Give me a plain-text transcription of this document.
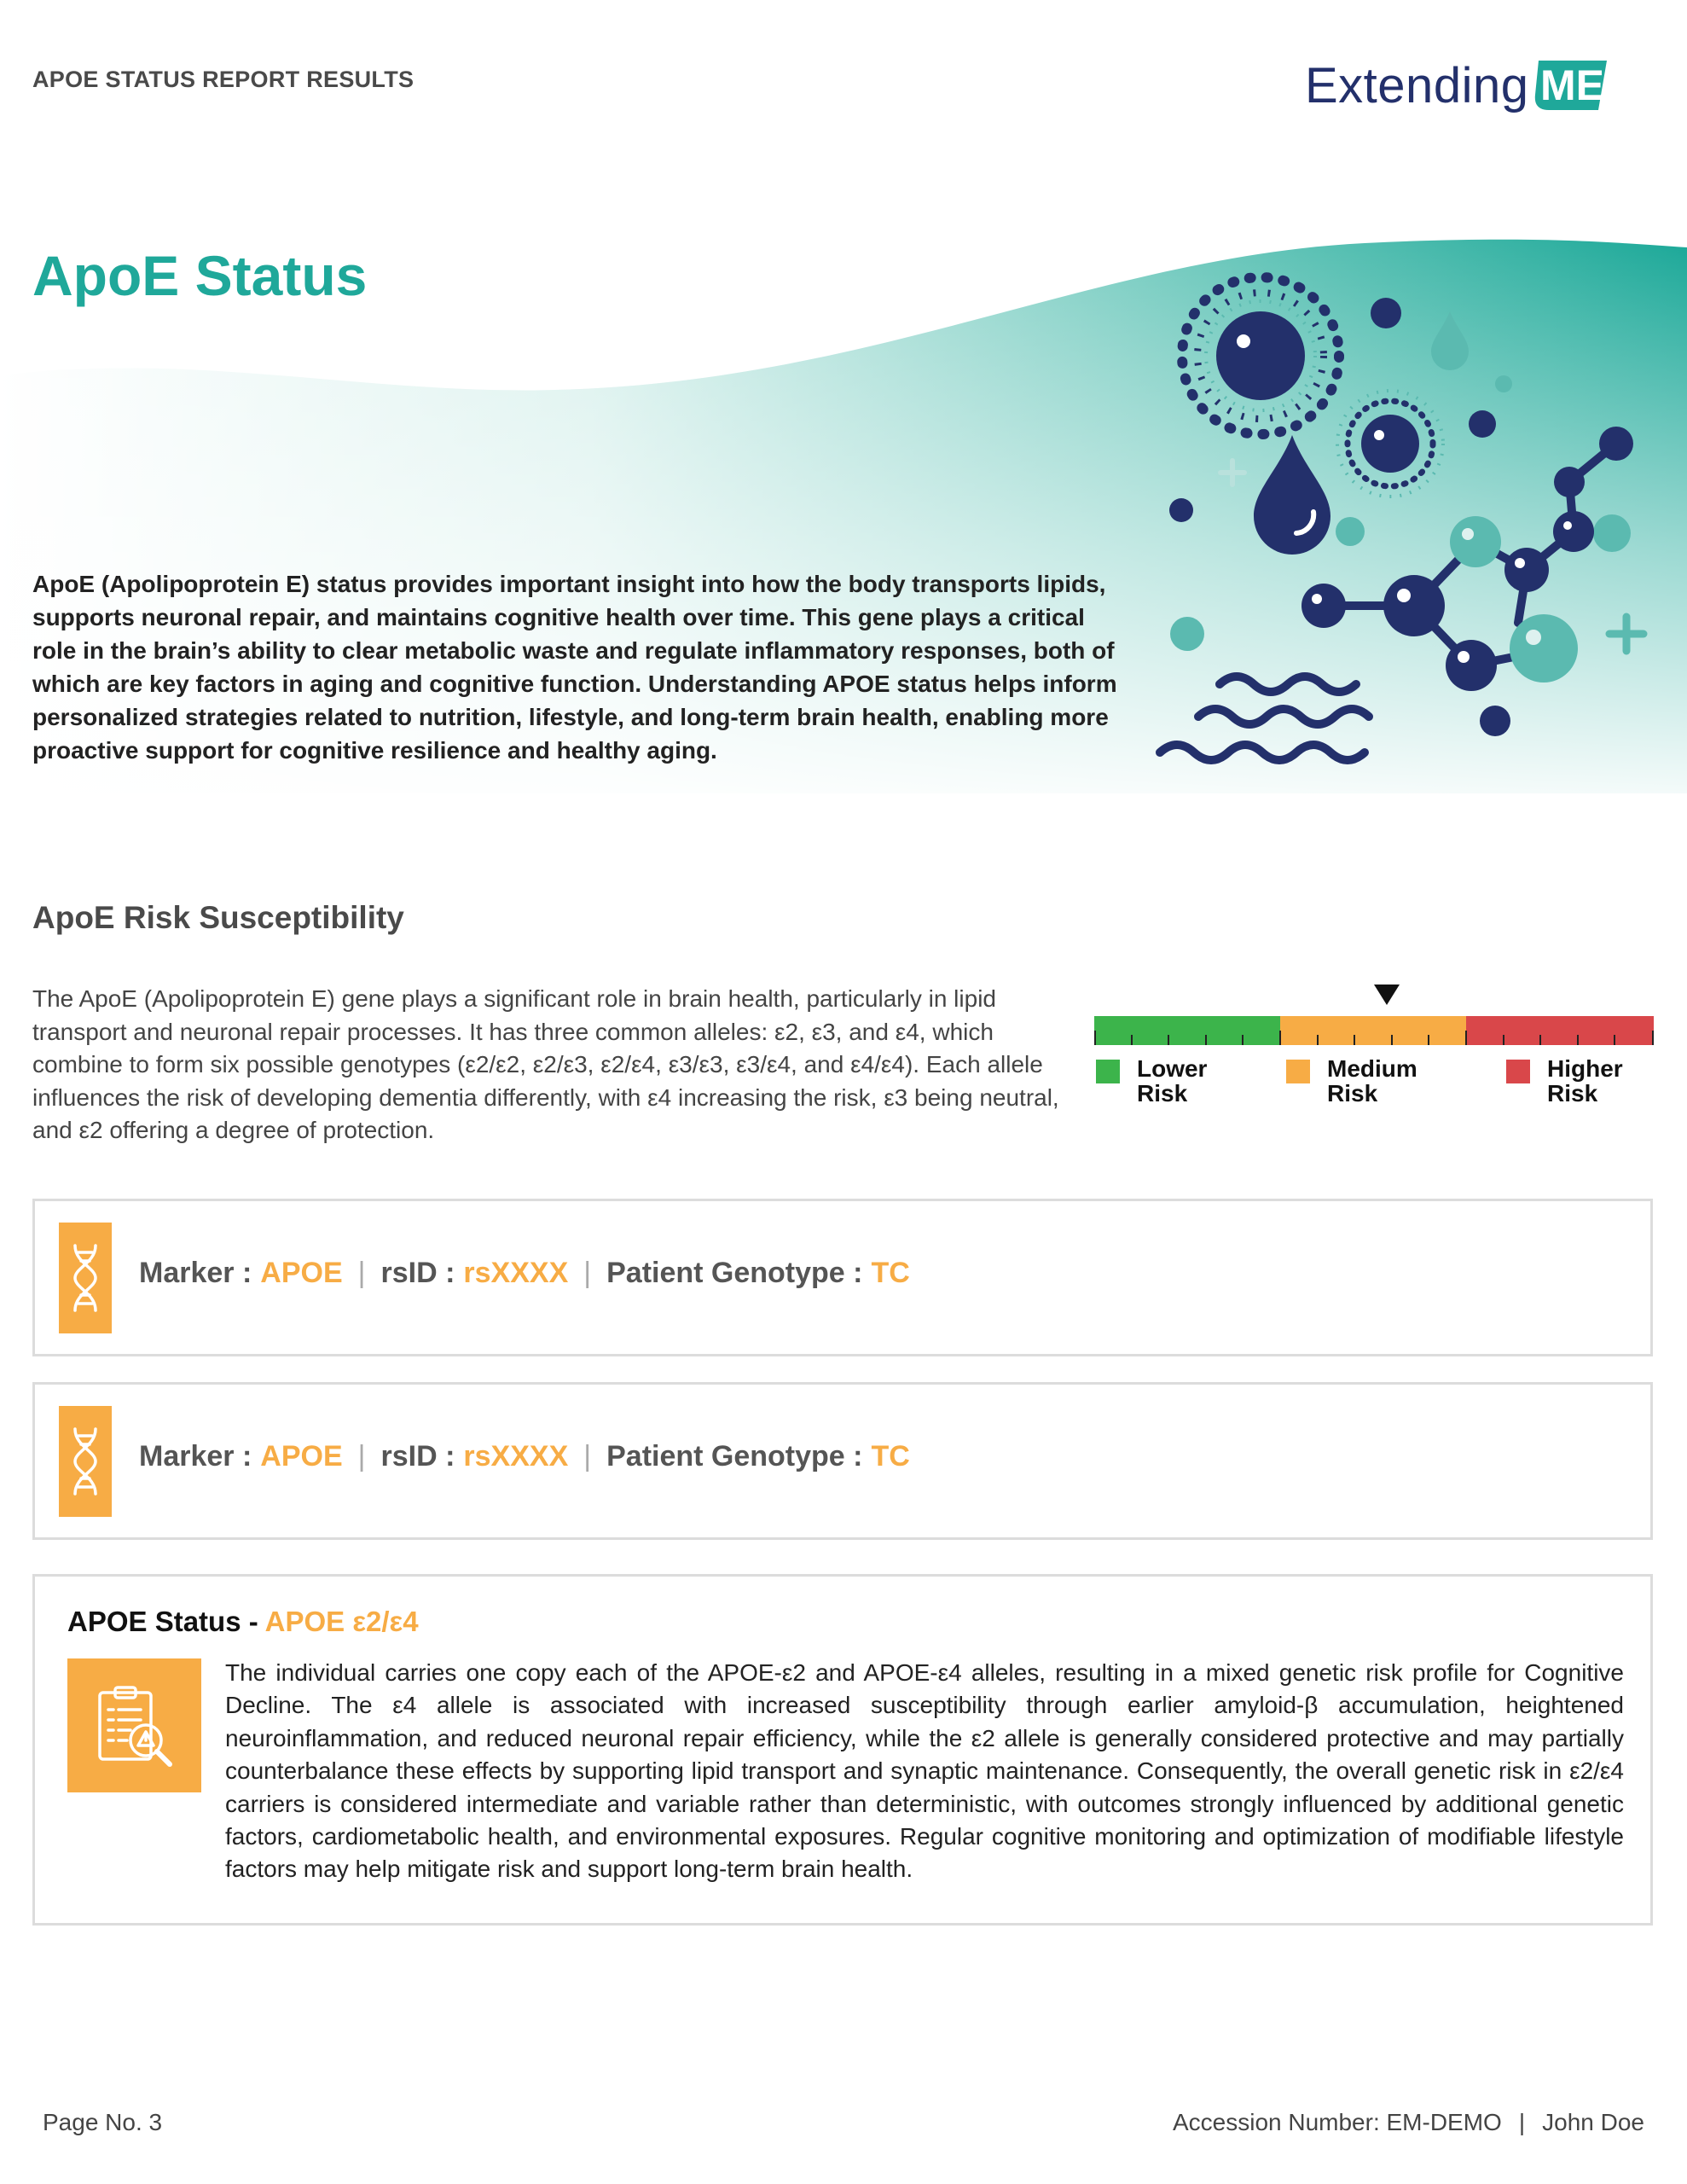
APOE STATUS REPORT RESULTS	Extending ME
ApoE Status
ApoE (Apolipoprotein E) status provides important insight into how the body transports lipids, supports neuronal repair, and maintains cognitive health over time. This gene plays a critical role in the brain’s ability to clear metabolic waste and regulate inflammatory responses, both of which are key factors in aging and cognitive function. Understanding APOE status helps inform personalized strategies related to nutrition, lifestyle, and long-term brain health, enabling more proactive support for cognitive resilience and healthy aging.
ApoE Risk Susceptibility
The ApoE (Apolipoprotein E) gene plays a significant role in brain health, particularly in lipid transport and neuronal repair processes. It has three common alleles: ε2, ε3, and ε4, which combine to form six possible genotypes (ε2/ε2, ε2/ε3, ε2/ε4, ε3/ε3, ε3/ε4, and ε4/ε4). Each allele influences the risk of developing dementia differently, with ε4 increasing the risk, ε3 being neutral, and ε2 offering a degree of protection.
Lower
Risk
Medium
Risk
Higher
Risk
Marker : APOE | rsID : rsXXXX | Patient Genotype : TC
Marker : APOE | rsID : rsXXXX | Patient Genotype : TC
APOE Status - APOE ε2/ε4
The individual carries one copy each of the APOE-ε2 and APOE-ε4 alleles, resulting in a mixed genetic risk profile for Cognitive Decline. The ε4 allele is associated with increased susceptibility through earlier amyloid-β accumulation, heightened neuroinflammation, and reduced neuronal repair efficiency, while the ε2 allele is generally considered protective and may partially counterbalance these effects by supporting lipid transport and synaptic maintenance. Consequently, the overall genetic risk in ε2/ε4 carriers is considered intermediate and variable rather than deterministic, with outcomes strongly influenced by additional genetic factors, cardiometabolic health, and environmental exposures. Regular cognitive monitoring and optimization of modifiable lifestyle factors may help mitigate risk and support long-term brain health.
Page No. 3	Accession Number: EM-DEMO | John Doe
